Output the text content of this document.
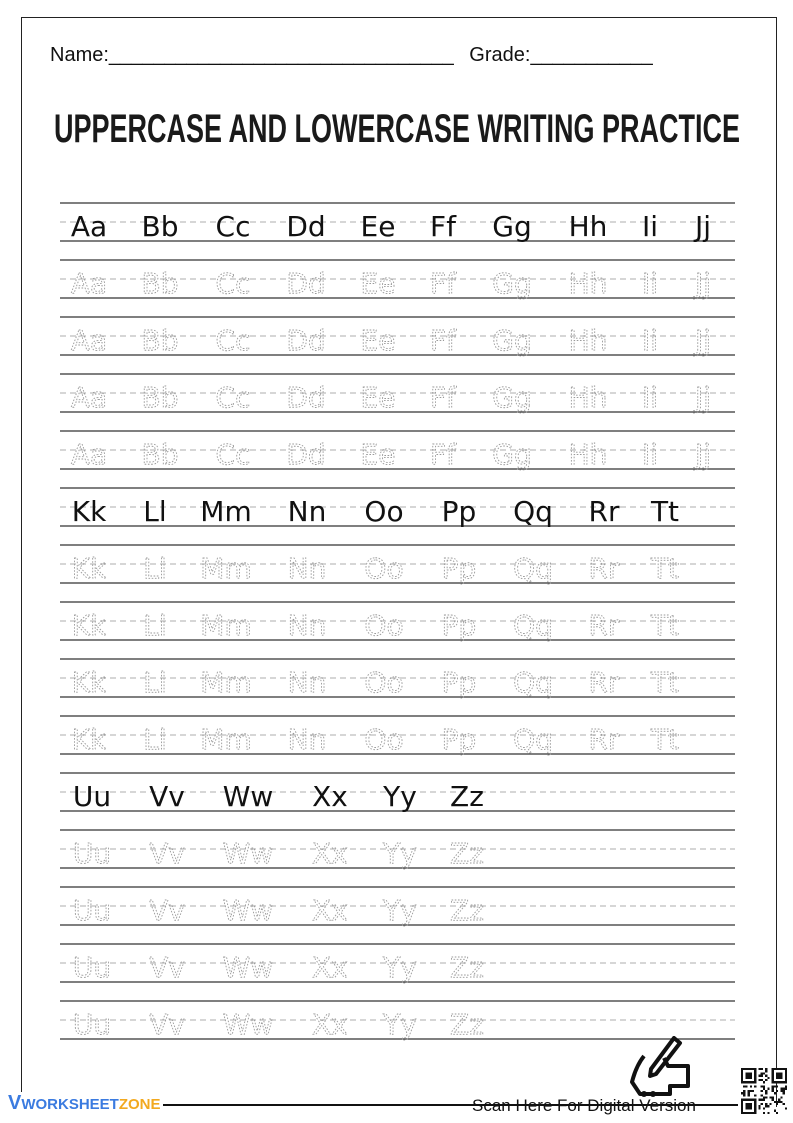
Name:_______________________________ Grade:___________
UPPERCASE AND LOWERCASE WRITING PRACTICE
Aa Bb Cc Dd Ee Ff Gg Hh Ii Jj
Aa Bb Cc Dd Ee Ff Gg Hh Ii Jj
Aa Bb Cc Dd Ee Ff Gg Hh Ii Jj
Aa Bb Cc Dd Ee Ff Gg Hh Ii Jj
Aa Bb Cc Dd Ee Ff Gg Hh Ii Jj
Kk Ll Mm Nn Oo Pp Qq Rr Tt
Kk Ll Mm Nn Oo Pp Qq Rr Tt
Kk Ll Mm Nn Oo Pp Qq Rr Tt
Kk Ll Mm Nn Oo Pp Qq Rr Tt
Kk Ll Mm Nn Oo Pp Qq Rr Tt
Uu Vv Ww Xx Yy Zz
Uu Vv Ww Xx Yy Zz
Uu Vv Ww Xx Yy Zz
Uu Vv Ww Xx Yy Zz
Uu Vv Ww Xx Yy Zz
VWORKSHEETZONE	Scan Here For Digital Version
